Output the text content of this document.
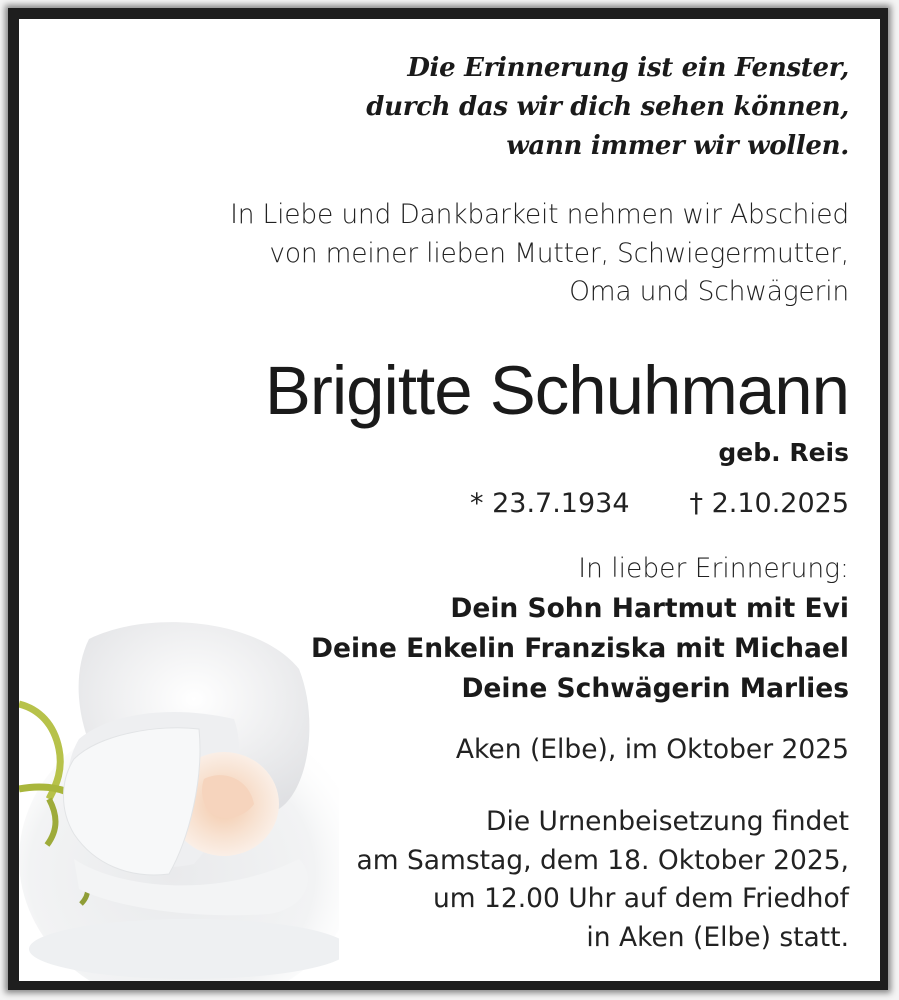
Die Erinnerung ist ein Fenster,
durch das wir dich sehen können,
wann immer wir wollen.
In Liebe und Dankbarkeit nehmen wir Abschied
von meiner lieben Mutter, Schwiegermutter,
Oma und Schwägerin
Brigitte Schuhmann
geb. Reis
* 23.7.1934 † 2.10.2025
In lieber Erinnerung:
Dein Sohn Hartmut mit Evi
Deine Enkelin Franziska mit Michael
Deine Schwägerin Marlies
Aken (Elbe), im Oktober 2025
Die Urnenbeisetzung findet
am Samstag, dem 18. Oktober 2025,
um 12.00 Uhr auf dem Friedhof
in Aken (Elbe) statt.
